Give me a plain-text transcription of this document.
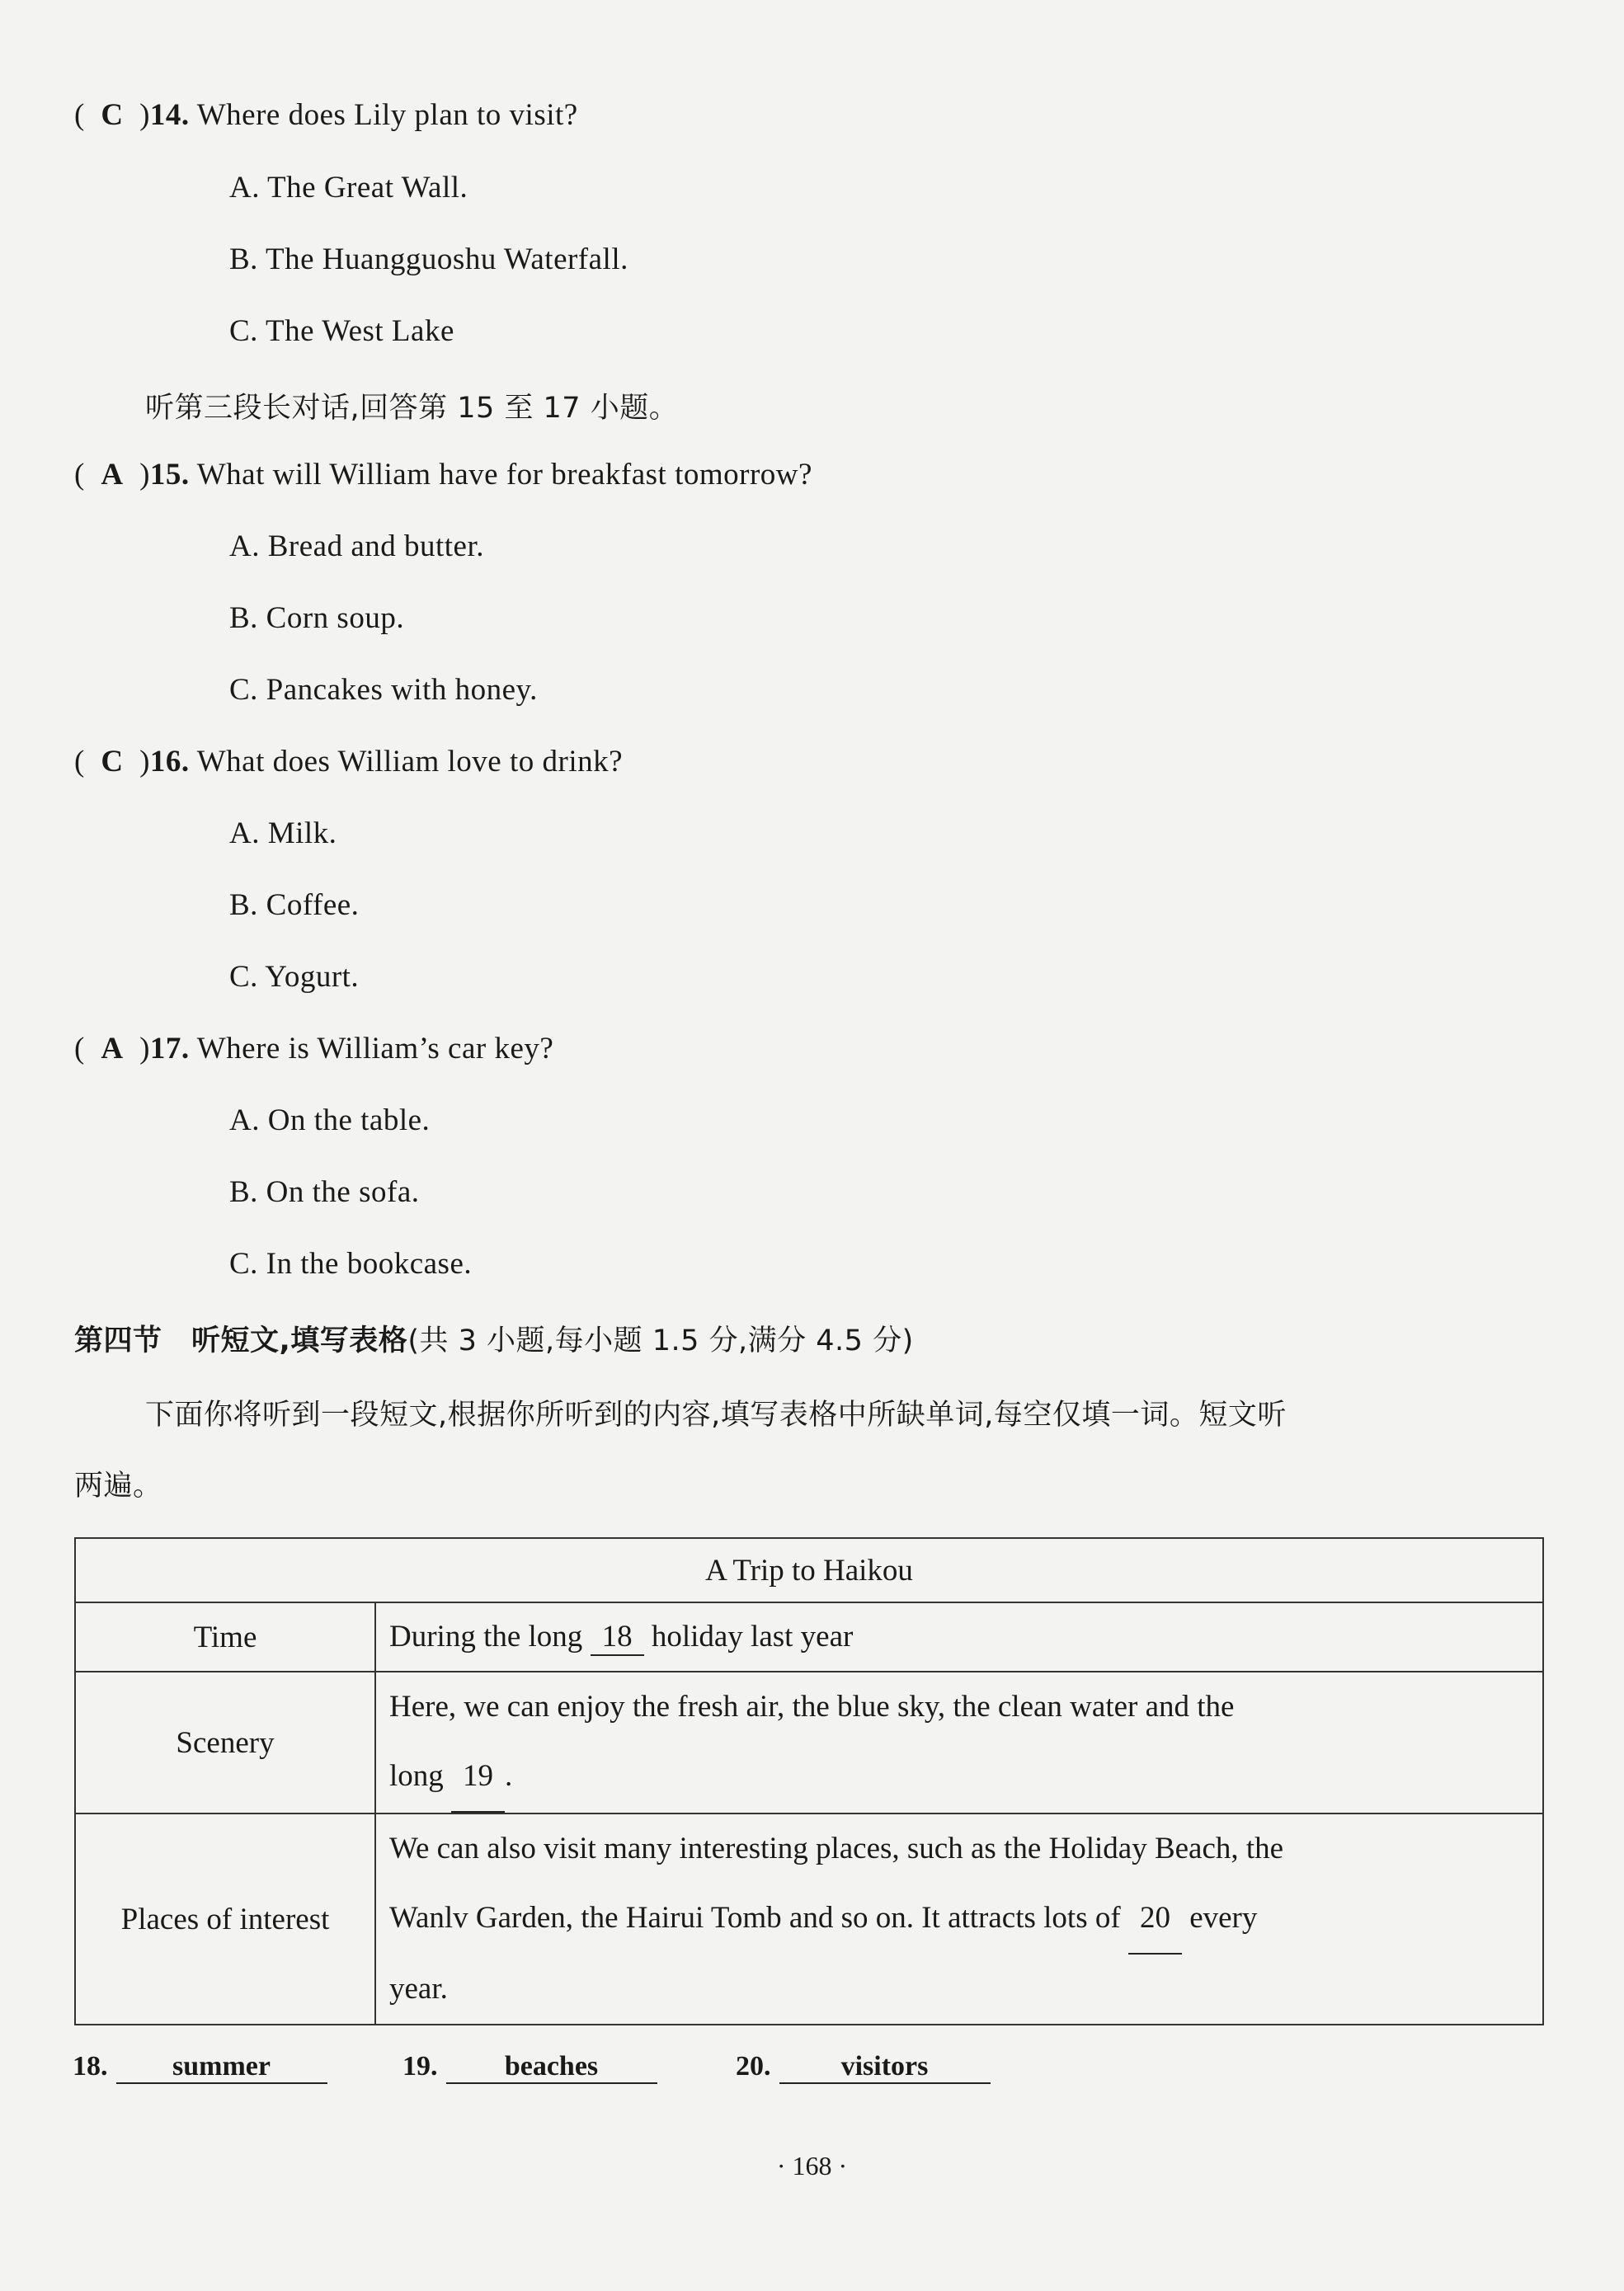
(  C  )14. Where does Lily plan to visit?
A. The Great Wall.
B. The Huangguoshu Waterfall.
C. The West Lake
听第三段长对话,回答第 15 至 17 小题。
(  A  )15. What will William have for breakfast tomorrow?
A. Bread and butter.
B. Corn soup.
C. Pancakes with honey.
(  C  )16. What does William love to drink?
A. Milk.
B. Coffee.
C. Yogurt.
(  A  )17. Where is William’s car key?
A. On the table.
B. On the sofa.
C. In the bookcase.
第四节　听短文,填写表格(共 3 小题,每小题 1.5 分,满分 4.5 分)
下面你将听到一段短文,根据你所听到的内容,填写表格中所缺单词,每空仅填一词。短文听
两遍。
A Trip to Haikou	
Time	During the long 18 holiday last year
Scenery	Here, we can enjoy the fresh air, the blue sky, the clean water and the
long 19 .

Places of interest	We can also visit many interesting places, such as the Holiday Beach, the
Wanlv Garden, the Hairui Tomb and so on. It attracts lots of 20 every
year.
18. summer	19. beaches	20.	visitors
· 168 ·
